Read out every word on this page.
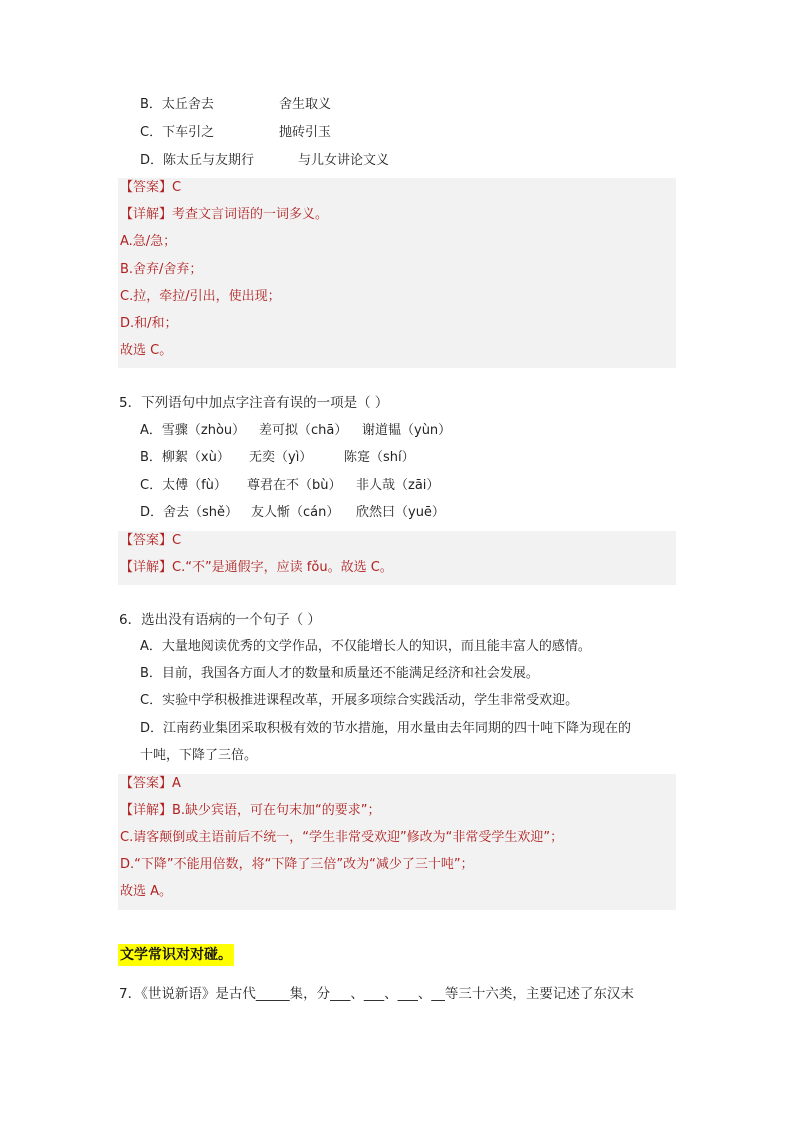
B．太丘舍去	舍生取义
C．下车引之	抛砖引玉
D．陈太丘与友期行	与儿女讲论文义
【答案】C
【详解】考查文言词语的一词多义。
A.急/急；
B.舍弃/舍弃；
C.拉，牵拉/引出，使出现；
D.和/和；
故选 C。
5．下列语句中加点字注音有误的一项是（ ）
A．雪骤（zhòu） 差可拟（chā） 谢道韫（yùn）
B．柳絮（xù） 无奕（yì） 陈寔（shí）
C．太傅（fù） 尊君在不（bù） 非人哉（zāi）
D．舍去（shě） 友人惭（cán） 欣然曰（yuē）
【答案】C
【详解】C.“不”是通假字，应读 fǒu。故选 C。
6．选出没有语病的一个句子（ ）
A．大量地阅读优秀的文学作品，不仅能增长人的知识，而且能丰富人的感情。
B．目前，我国各方面人才的数量和质量还不能满足经济和社会发展。
C．实验中学积极推进课程改革，开展多项综合实践活动，学生非常受欢迎。
D．江南药业集团采取积极有效的节水措施，用水量由去年同期的四十吨下降为现在的
十吨，下降了三倍。
【答案】A
【详解】B.缺少宾语，可在句末加“的要求”；
C.请客颠倒或主语前后不统一，“学生非常受欢迎”修改为“非常受学生欢迎”；
D.“下降”不能用倍数，将“下降了三倍”改为“减少了三十吨”；
故选 A。
文学常识对对碰。
7．《世说新语》是古代_____集，分___、___、___、__等三十六类，主要记述了东汉末
